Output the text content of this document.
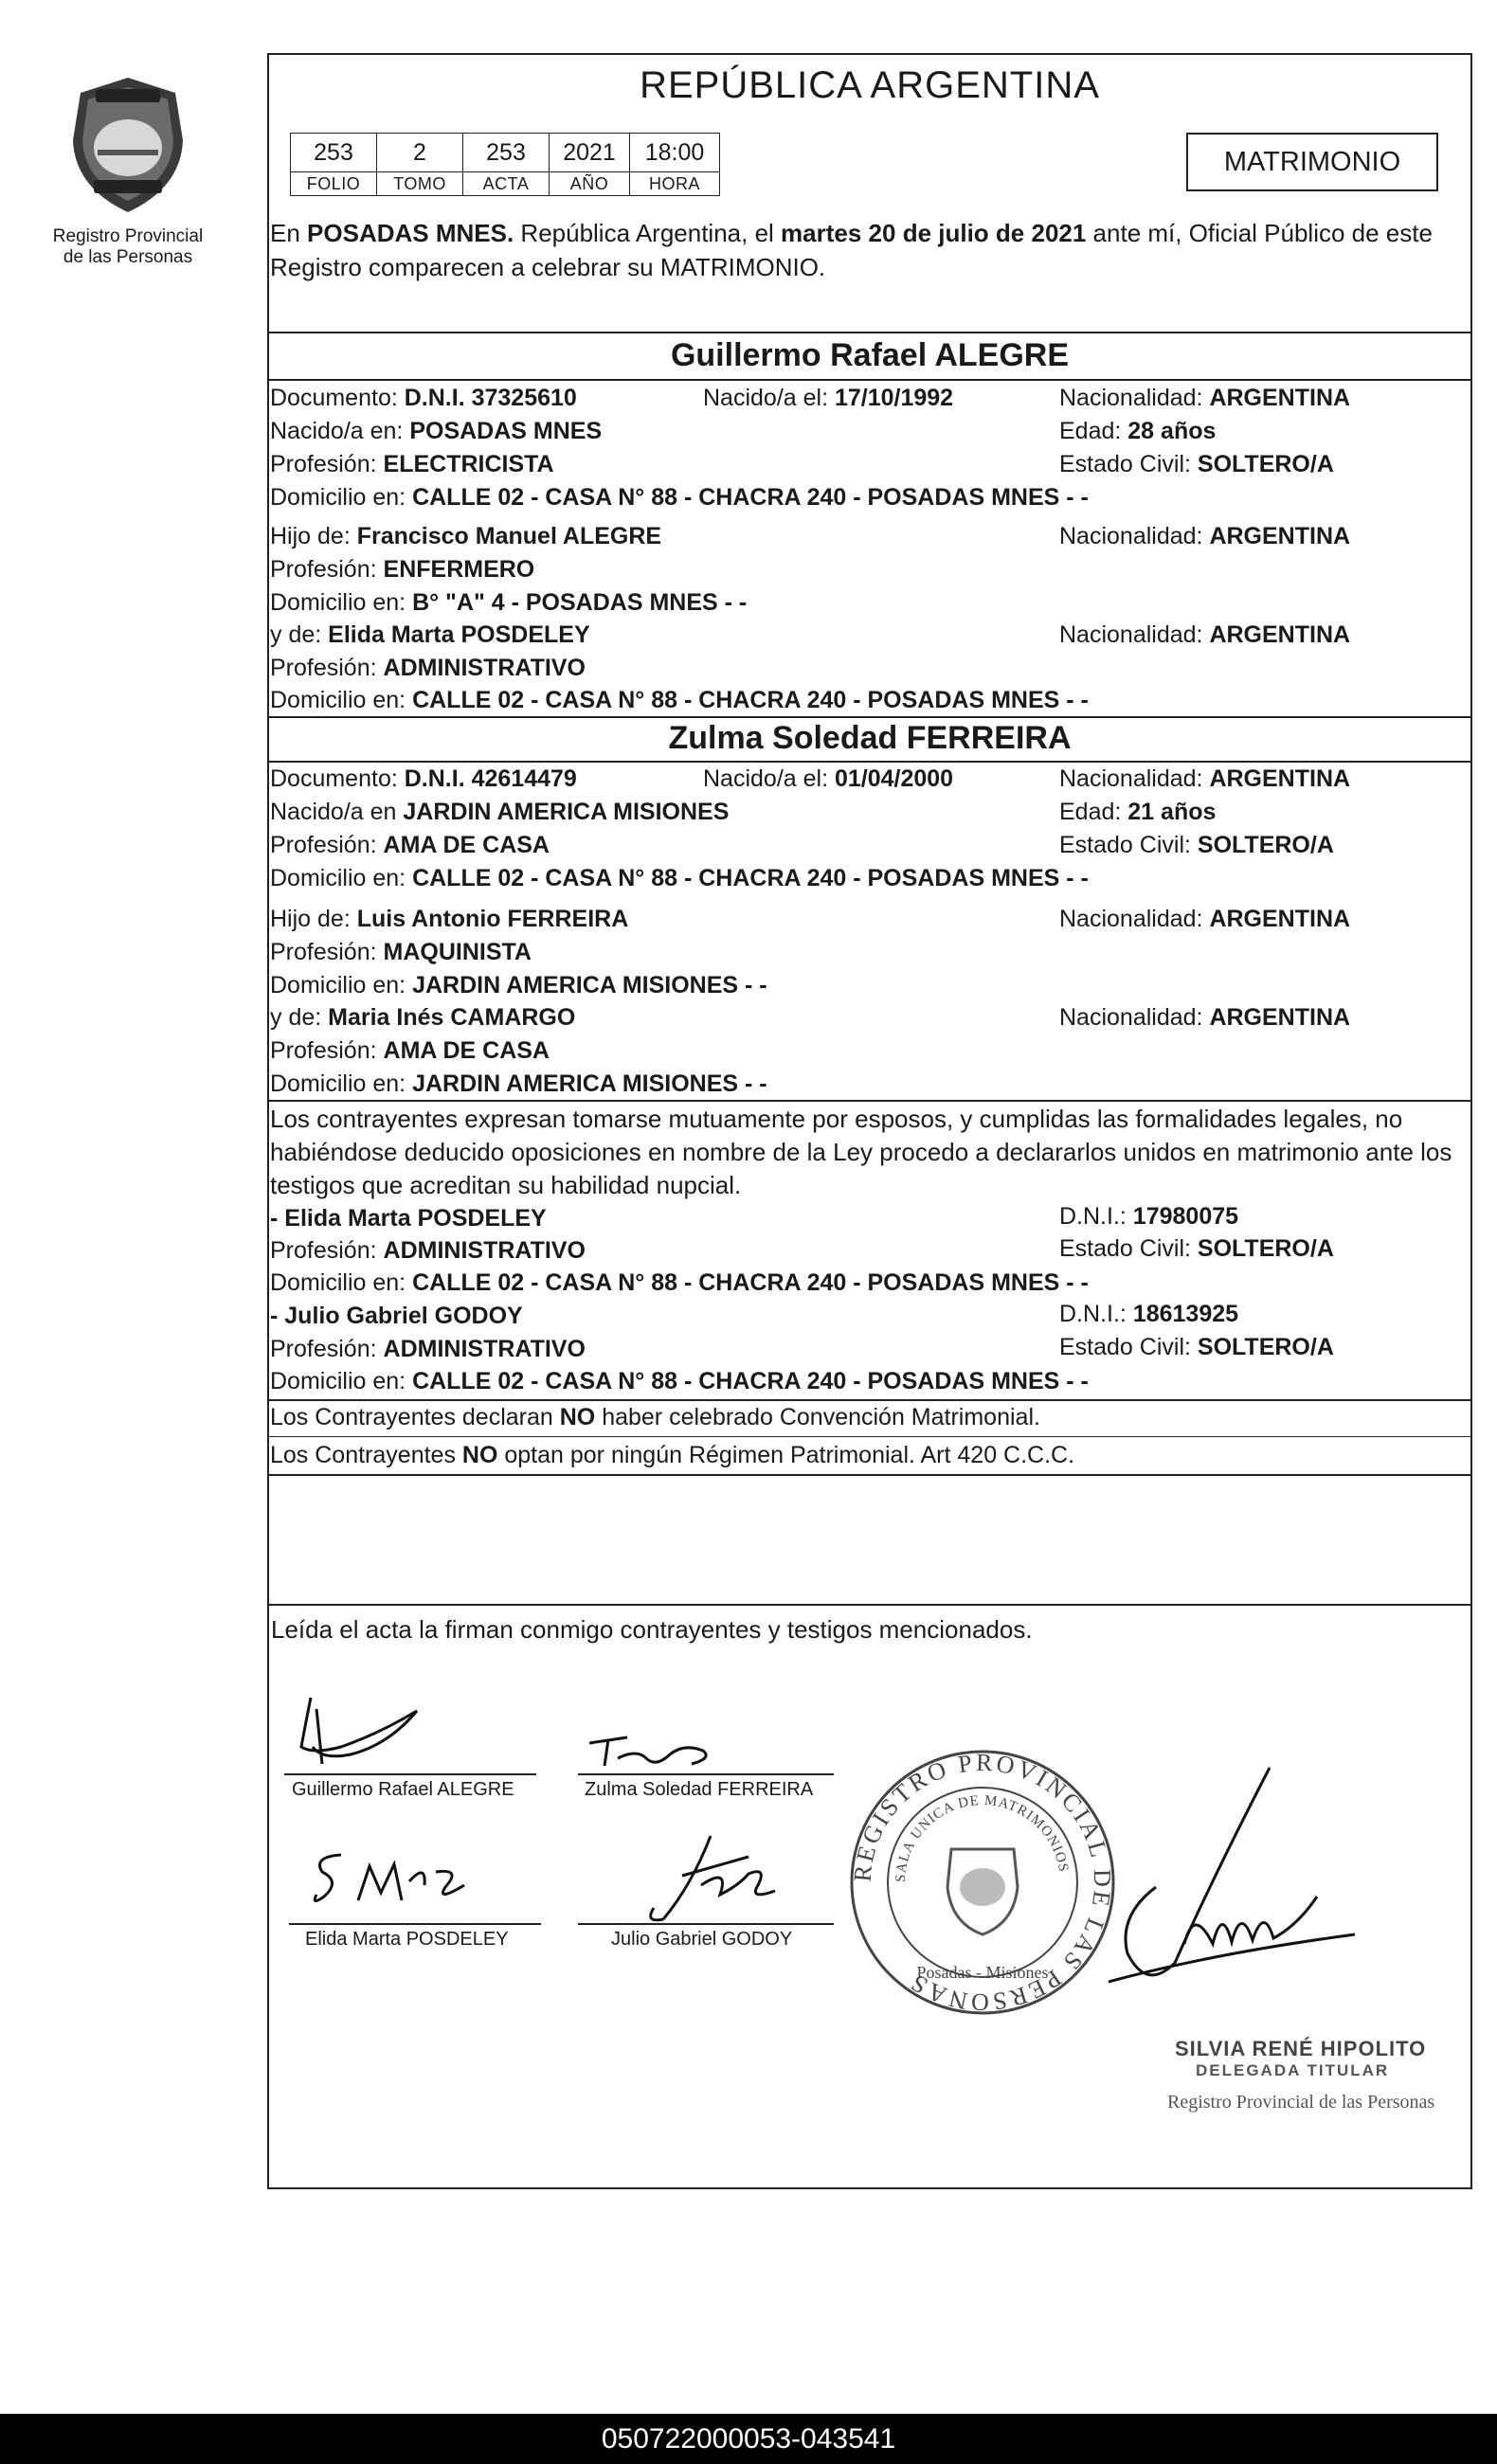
Registro Provincial
de las Personas
REPÚBLICA ARGENTINA
253	2	253	2021	18:00
FOLIO	TOMO	ACTA	AÑO	HORA
MATRIMONIO
En POSADAS MNES. República Argentina, el martes 20 de julio de 2021 ante mí, Oficial Público de este Registro comparecen a celebrar su MATRIMONIO.
Guillermo Rafael ALEGRE
Documento: D.N.I. 37325610	Nacido/a el: 17/10/1992	Nacionalidad: ARGENTINA
Nacido/a en: POSADAS MNES	Edad: 28 años
Profesión: ELECTRICISTA	Estado Civil: SOLTERO/A
Domicilio en: CALLE 02 - CASA N° 88 - CHACRA 240 - POSADAS MNES - -
Hijo de: Francisco Manuel ALEGRE	Nacionalidad: ARGENTINA
Profesión: ENFERMERO
Domicilio en: B° "A" 4 - POSADAS MNES - -
y de: Elida Marta POSDELEY	Nacionalidad: ARGENTINA
Profesión: ADMINISTRATIVO
Domicilio en: CALLE 02 - CASA N° 88 - CHACRA 240 - POSADAS MNES - -
Zulma Soledad FERREIRA
Documento: D.N.I. 42614479	Nacido/a el: 01/04/2000	Nacionalidad: ARGENTINA
Nacido/a en JARDIN AMERICA MISIONES	Edad: 21 años
Profesión: AMA DE CASA	Estado Civil: SOLTERO/A
Domicilio en: CALLE 02 - CASA N° 88 - CHACRA 240 - POSADAS MNES - -
Hijo de: Luis Antonio FERREIRA	Nacionalidad: ARGENTINA
Profesión: MAQUINISTA
Domicilio en: JARDIN AMERICA MISIONES - -
y de: Maria Inés CAMARGO	Nacionalidad: ARGENTINA
Profesión: AMA DE CASA
Domicilio en: JARDIN AMERICA MISIONES - -
Los contrayentes expresan tomarse mutuamente por esposos, y cumplidas las formalidades legales, no habiéndose deducido oposiciones en nombre de la Ley procedo a declararlos unidos en matrimonio ante los testigos que acreditan su habilidad nupcial.
- Elida Marta POSDELEY	D.N.I.: 17980075
Profesión: ADMINISTRATIVO	Estado Civil: SOLTERO/A
Domicilio en: CALLE 02 - CASA N° 88 - CHACRA 240 - POSADAS MNES - -
- Julio Gabriel GODOY	D.N.I.: 18613925
Profesión: ADMINISTRATIVO	Estado Civil: SOLTERO/A
Domicilio en: CALLE 02 - CASA N° 88 - CHACRA 240 - POSADAS MNES - -
Los Contrayentes declaran NO haber celebrado Convención Matrimonial.
Los Contrayentes NO optan por ningún Régimen Patrimonial. Art 420 C.C.C.
Leída el acta la firman conmigo contrayentes y testigos mencionados.
Guillermo Rafael ALEGRE	Zulma Soledad FERREIRA
Elida Marta POSDELEY	Julio Gabriel GODOY
REGISTRO PROVINCIAL DE LAS PERSONAS
SALA UNICA DE MATRIMONIOS
Posadas - Misiones
SILVIA RENÉ HIPOLITO
DELEGADA TITULAR
Registro Provincial de las Personas
050722000053-043541
